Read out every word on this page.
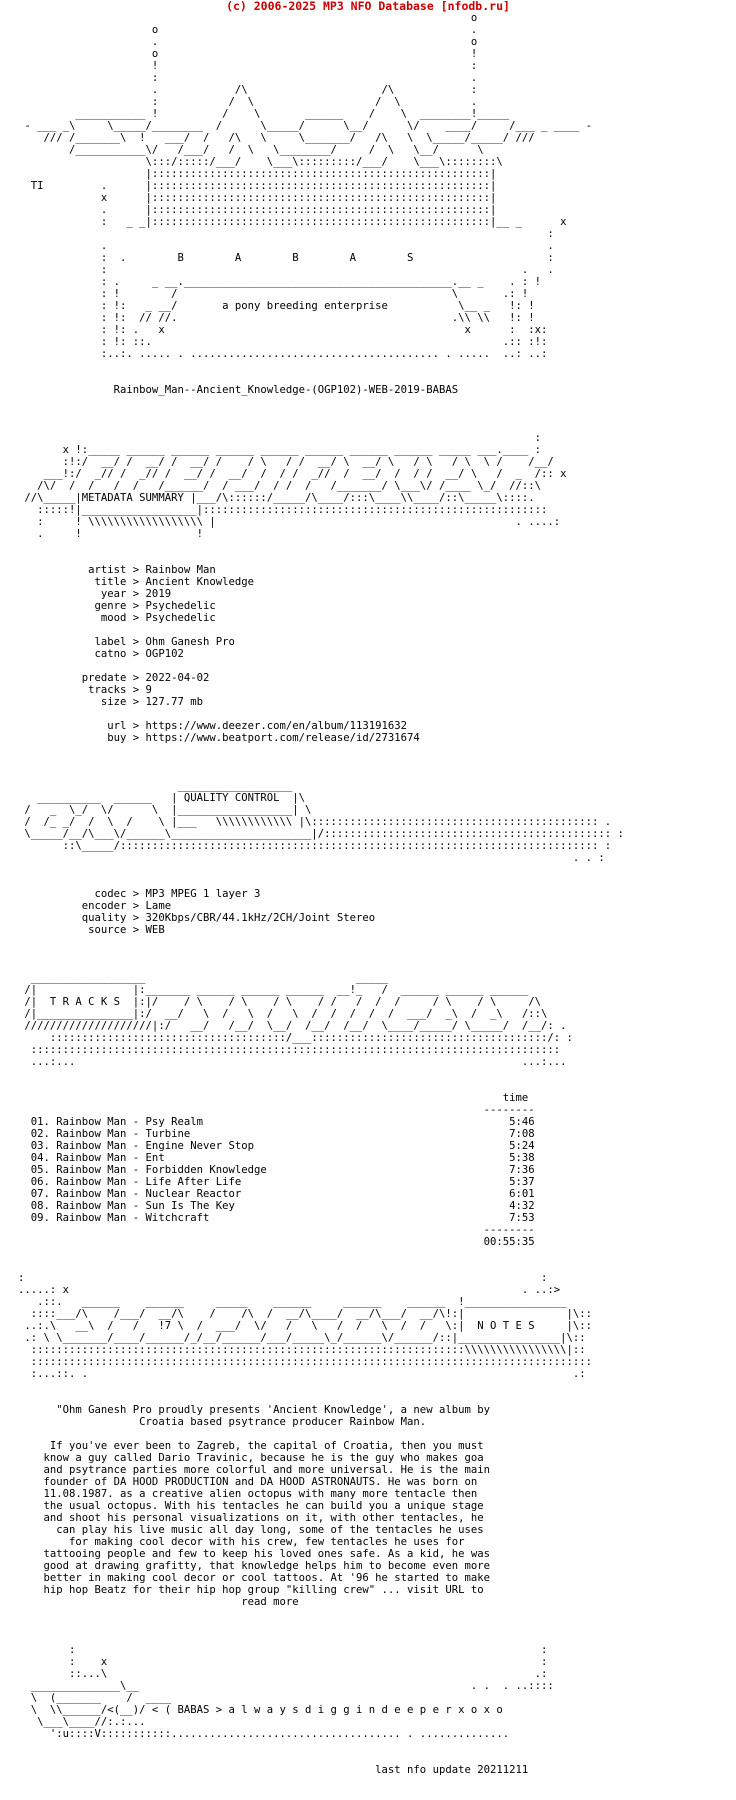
(c) 2006-2025 MP3 NFO Database [nfodb.ru]
o
o                                                 .
.                                                 o
o                                                 !
!                                                 :
:                                                 .
.            /\                     /\            :
:           /  \                   /  \           .
___________ !          /    \       ______    /    \  ________!_____
- ___ _\     \_____/________  /      \_____/      \__/      \/    ____/     /___ _ ____ -
/// /_______\  !   ___/  /   /\   \     \_______/   /\   \  \_____/_____/ ///
/___________\/   /___/   /  \   \________/     /  \   \__/      \
\:::/:::::/___/    \___\:::::::::/___/    \___\::::::::\
|:::::::::::::::::::::::::::::::::::::::::::::::::::::|
TI         .      |:::::::::::::::::::::::::::::::::::::::::::::::::::::|
x      |:::::::::::::::::::::::::::::::::::::::::::::::::::::|
.      |:::::::::::::::::::::::::::::::::::::::::::::::::::::|
:   _ _|:::::::::::::::::::::::::::::::::::::::::::::::::::::|__ _      x
:
.                                                                     .
:  .        B        A        B        A        S                     :
:                                                                 .   .
: .     _ __.__________________________________________.__ _    . : !
: !        /                                           \       .: !
: !:   _ __/       a pony breeding enterprise           \__ _   !: !
: !:  // //.                                           .\\ \\   !: !
: !: .   x                                               x      :  :x:
: !: ::.                                                       .:: :!:
:..:. ..... . ....................................... . .....  ..: ..:

Rainbow_Man--Ancient_Knowledge-(OGP102)-WEB-2019-BABAS

:
x !:_____ ______ ______ ______ ______ ______ ______ ______ _____ ___.____ :
:!:/  __/ /  __/ /  __/ /    / \   / /  __/ \  __/ \   / \   / \  \ /    /__/
___!:/  _// /  _// /  __/ /  __/  /  / /  _//  /  __/  /  / /  __/ \   /  _  /:: x
/\/  /  /   /  /   /______/  / ___/  / /  /   /_______/ \___\/ /____ \_/  //::\
//\_____|METADATA SUMMARY |___/\::::::/_____/\____/:::\____\\____/::\_____\::::.
:::::!|__________________|::::::::::::::::::::::::::::::::::::::::::::::::::::::
:     ! \\\\\\\\\\\\\\\\\\ |                                               . ....:
.     !                  !

artist > Rainbow Man
title > Ancient Knowledge
year > 2019
genre > Psychedelic
mood > Psychedelic

label > Ohm Ganesh Pro
catno > OGP102

predate > 2022-04-02
tracks > 9
size > 127.77 mb

url > https://www.deezer.com/en/album/113191632
buy > https://www.beatport.com/release/id/2731674

__________________
__________  ______   | QUALITY CONTROL  |\
/   _  \_/  \/      \  |__________________| \
/  /_ _/  /  \  /    \ |___   \\\\\\\\\\\\ |\::::::::::::::::::::::::::::::::::::::::::::: .
\_____/__/\___\/______\______________________|/::::::::::::::::::::::::::::::::::::::::::::: :
::\_____/::::::::::::::::::::::::::::::::::::::::::::::::::::::::::::::::::::::::::: :
. . :

codec > MP3 MPEG 1 layer 3
encoder > Lame
quality > 320Kbps/CBR/44.1kHz/2CH/Joint Stereo
source > WEB

__________________                                 _____
/|               |:_______ ______ ______ ______  __!_   /  ______ ______ ______
/|  T R A C K S  |:|/    / \    / \    / \    / /   /  /  /     / \    / \     /\
/|_______________|:/  __/   \  /   \  /   \  /  /  /  /  /  ___/  _\  /  _\   /::\
////////////////////|:/   __/   /__/  \__/  /__/  /__/  \____/_____/ \_____/  /__/: .
:::::::::::::::::::::::::::::::::::::/___:::::::::::::::::::::::::::::::::::::/: :
:::::::::::::::::::::::::::::::::::::::::::::::::::::::::::::::::::::::::::::::::::
...:...                                                                      ...:...

time
--------
01. Rainbow Man - Psy Realm                                                5:46
02. Rainbow Man - Turbine                                                  7:08
03. Rainbow Man - Engine Never Stop                                        5:24
04. Rainbow Man - Ent                                                      5:38
05. Rainbow Man - Forbidden Knowledge                                      7:36
06. Rainbow Man - Life After Life                                          5:37
07. Rainbow Man - Nuclear Reactor                                          6:01
08. Rainbow Man - Sun Is The Key                                           4:32
09. Rainbow Man - Witchcraft                                               7:53
--------
00:55:35

:                                                                                 :
.....: x                                                                       . ..:>
.::.   ______    ______     _____    ______     ______    ______  !________________
::::___/\    /___/  __/\    /    /\  /  __/\____/  __/\___/  __/\!:|                |\::
..:.\   __\  /   /   !7 \  /  ___/  \/   /   \   /  /   \  /  /   \:|  N O T E S     |\::
.: \ \_______/____/______/_/__/______/___/_____\_/______\/______/::|________________|\::
::::::::::::::::::::::::::::::::::::::::::::::::::::::::::::::::::::\\\\\\\\\\\\\\\\|::
::::::::::::::::::::::::::::::::::::::::::::::::::::::::::::::::::::::::::::::::::::::::
:...::. .                                                                            .:

"Ohm Ganesh Pro proudly presents 'Ancient Knowledge', a new album by
Croatia based psytrance producer Rainbow Man.

If you've ever been to Zagreb, the capital of Croatia, then you must
know a guy called Dario Travinic, because he is the guy who makes goa
and psytrance parties more colorful and more universal. He is the main
founder of DA HOOD PRODUCTION and DA HOOD ASTRONAUTS. He was born on
11.08.1987. as a creative alien octopus with many more tentacle then
the usual octopus. With his tentacles he can build you a unique stage
and shoot his personal visualizations on it, with other tentacles, he
can play his live music all day long, some of the tentacles he uses
for making cool decor with his crew, few tentacles he uses for
tattooing people and few to keep his loved ones safe. As a kid, he was
good at drawing grafitty, that knowledge helps him to become even more
better in making cool decor or cool tattoos. At '96 he started to make
hip hop Beatz for their hip hop group "killing crew" ... visit URL to
read more

:                                                                         :
:    x                                                                    :
::...\                                                                   .:
______________\__                                                    . .  . ..::::
\  (_______    /  ____
\  \\______/<(__)/ < ( BABAS > a l w a y s d i g g i n d e e p e r x o x o
\___\____//:.:...
':u::::V:::::::::::.................................... . ..............

last nfo update 20211211
